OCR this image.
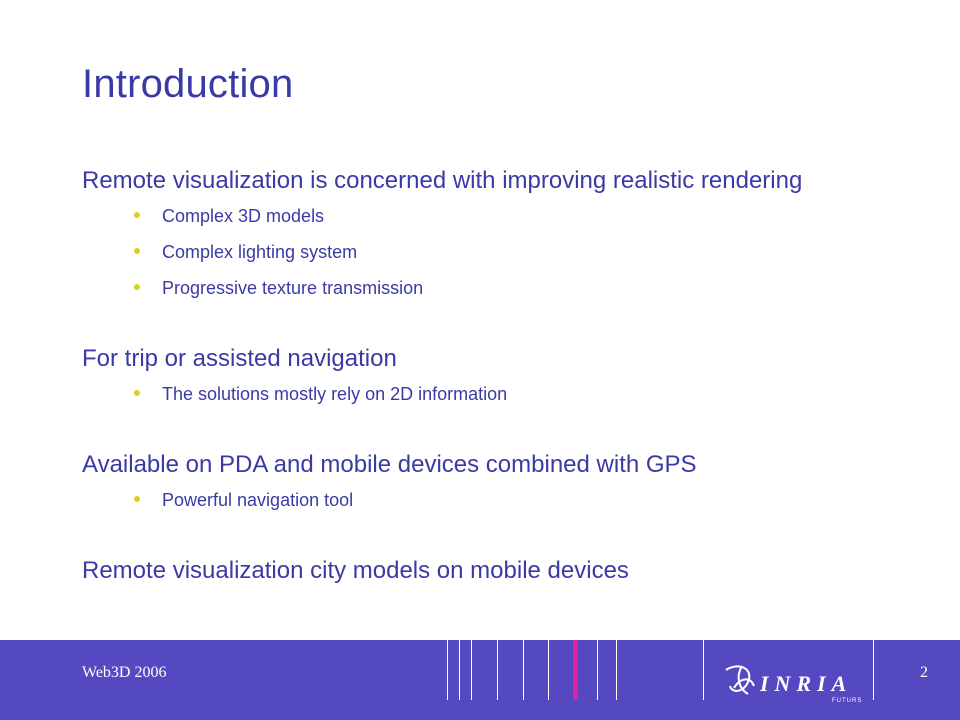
Introduction
Remote visualization is concerned with improving realistic rendering
Complex 3D models
Complex lighting system
Progressive texture transmission
For trip or assisted navigation
The solutions mostly rely on 2D information
Available on PDA and mobile devices combined with GPS
Powerful navigation tool
Remote visualization city models on mobile devices
Web3D 2006	INRIA
FUTURS
2
